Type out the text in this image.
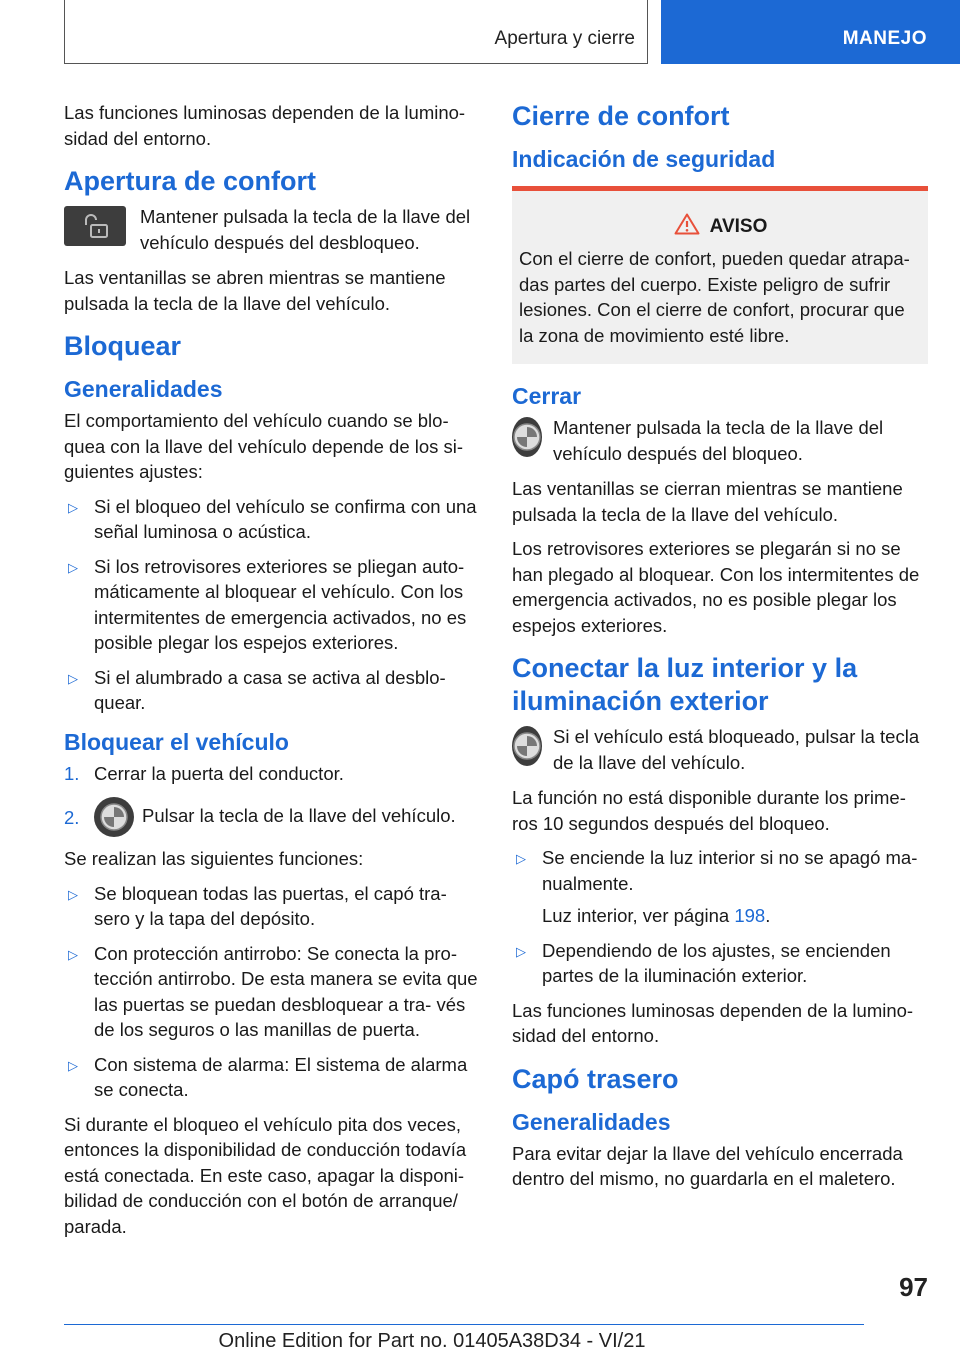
Apertura y cierre	MANEJO

Las funciones luminosas dependen de la lumino‐ sidad del entorno.

Apertura de confort

Mantener pulsada la tecla de la llave del vehículo después del desbloqueo.

Las ventanillas se abren mientras se mantiene pulsada la tecla de la llave del vehículo.

Bloquear
Generalidades

El comportamiento del vehículo cuando se blo‐ quea con la llave del vehículo depende de los si‐ guientes ajustes:

▷ Si el bloqueo del vehículo se confirma con una señal luminosa o acústica.
▷ Si los retrovisores exteriores se pliegan auto‐ máticamente al bloquear el vehículo. Con los intermitentes de emergencia activados, no es posible plegar los espejos exteriores.
▷ Si el alumbrado a casa se activa al desblo‐ quear.
Bloquear el vehículo
1. Cerrar la puerta del conductor.
2.	Pulsar la tecla de la llave del vehículo.

Se realizan las siguientes funciones:

▷ Se bloquean todas las puertas, el capó tra‐ sero y la tapa del depósito.
▷ Con protección antirrobo: Se conecta la pro‐ tección antirrobo. De esta manera se evita que las puertas se puedan desbloquear a tra‐ vés de los seguros o las manillas de puerta.
▷ Con sistema de alarma: El sistema de alarma se conecta.

Si durante el bloqueo el vehículo pita dos veces, entonces la disponibilidad de conducción todavía está conectada. En este caso, apagar la disponi‐ bilidad de conducción con el botón de arranque/ parada.

Cierre de confort
Indicación de seguridad
AVISO

Con el cierre de confort, pueden quedar atrapa‐ das partes del cuerpo. Existe peligro de sufrir lesiones. Con el cierre de confort, procurar que la zona de movimiento esté libre.

Cerrar

Mantener pulsada la tecla de la llave del vehículo después del bloqueo.

Las ventanillas se cierran mientras se mantiene pulsada la tecla de la llave del vehículo.

Los retrovisores exteriores se plegarán si no se han plegado al bloquear. Con los intermitentes de emergencia activados, no es posible plegar los espejos exteriores.

Conectar la luz interior y la iluminación exterior

Si el vehículo está bloqueado, pulsar la tecla de la llave del vehículo.

La función no está disponible durante los prime‐ ros 10 segundos después del bloqueo.

▷ Se enciende la luz interior si no se apagó ma‐ nualmente.
Luz interior, ver página 198.
▷ Dependiendo de los ajustes, se encienden partes de la iluminación exterior.

Las funciones luminosas dependen de la lumino‐ sidad del entorno.

Capó trasero
Generalidades

Para evitar dejar la llave del vehículo encerrada dentro del mismo, no guardarla en el maletero.

97
Online Edition for Part no. 01405A38D34 - VI/21
